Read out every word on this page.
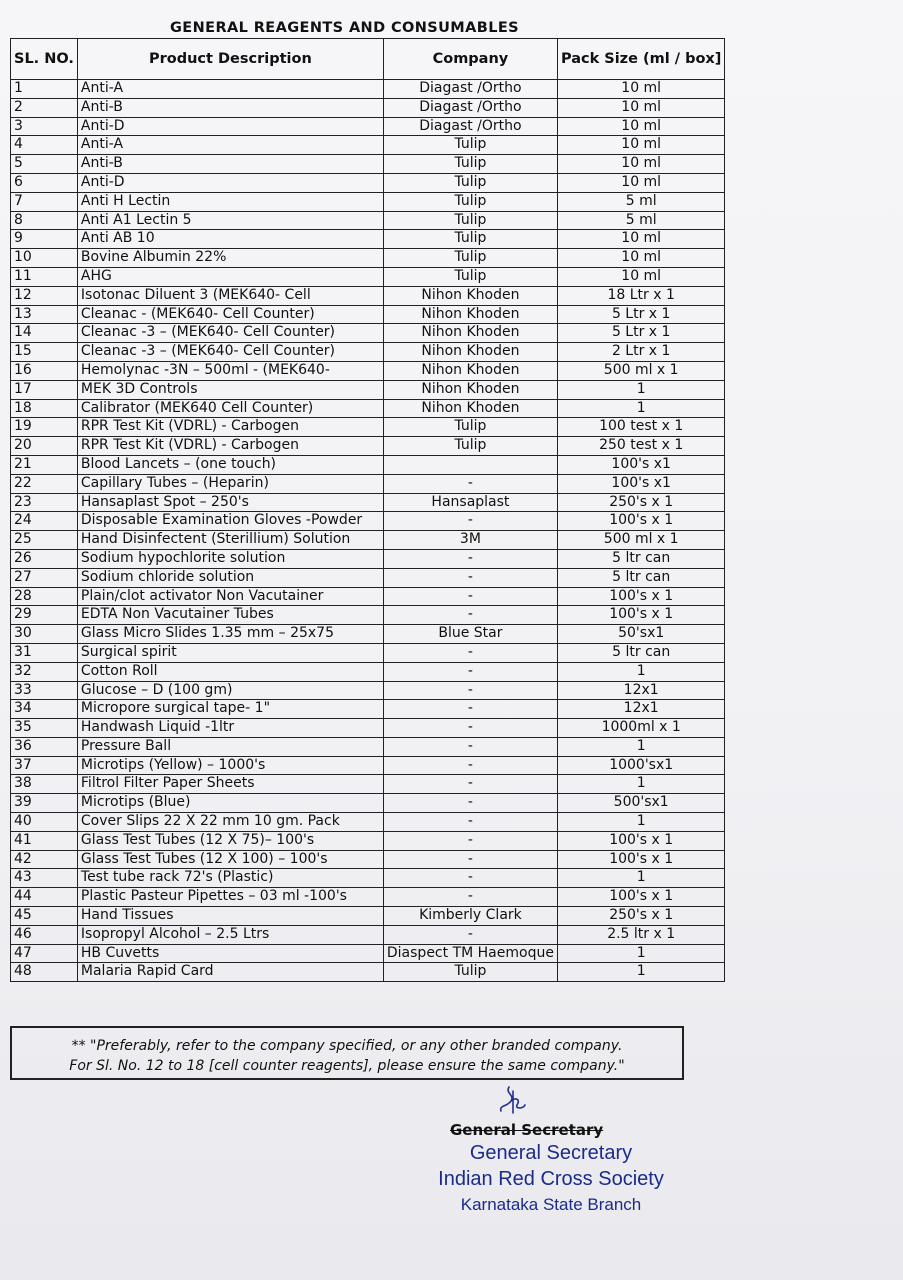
GENERAL REAGENTS AND CONSUMABLES
SL. NO.	Product Description	Company	Pack Size (ml / box]
1	Anti-A	Diagast /Ortho	10 ml
2	Anti-B	Diagast /Ortho	10 ml
3	Anti-D	Diagast /Ortho	10 ml
4	Anti-A	Tulip	10 ml
5	Anti-B	Tulip	10 ml
6	Anti-D	Tulip	10 ml
7	Anti H Lectin	Tulip	5 ml
8	Anti A1 Lectin 5	Tulip	5 ml
9	Anti AB 10	Tulip	10 ml
10	Bovine Albumin 22%	Tulip	10 ml
11	AHG	Tulip	10 ml
12	Isotonac Diluent 3 (MEK640- Cell	Nihon Khoden	18 Ltr x 1
13	Cleanac - (MEK640- Cell Counter)	Nihon Khoden	5 Ltr x 1
14	Cleanac -3 – (MEK640- Cell Counter)	Nihon Khoden	5 Ltr x 1
15	Cleanac -3 – (MEK640- Cell Counter)	Nihon Khoden	2 Ltr x 1
16	Hemolynac -3N – 500ml - (MEK640-	Nihon Khoden	500 ml x 1
17	MEK 3D Controls	Nihon Khoden	1
18	Calibrator (MEK640 Cell Counter)	Nihon Khoden	1
19	RPR Test Kit (VDRL) - Carbogen	Tulip	100 test x 1
20	RPR Test Kit (VDRL) - Carbogen	Tulip	250 test x 1
21	Blood Lancets – (one touch)		100's x1
22	Capillary Tubes – (Heparin)	-	100's x1
23	Hansaplast Spot – 250's	Hansaplast	250's x 1
24	Disposable Examination Gloves -Powder	-	100's x 1
25	Hand Disinfectent (Sterillium) Solution	3M	500 ml x 1
26	Sodium hypochlorite solution	-	5 ltr can
27	Sodium chloride solution	-	5 ltr can
28	Plain/clot activator Non Vacutainer	-	100's x 1
29	EDTA Non Vacutainer Tubes	-	100's x 1
30	Glass Micro Slides 1.35 mm – 25x75	Blue Star	50'sx1
31	Surgical spirit	-	5 ltr can
32	Cotton Roll	-	1
33	Glucose – D (100 gm)	-	12x1
34	Micropore surgical tape- 1"	-	12x1
35	Handwash Liquid -1ltr	-	1000ml x 1
36	Pressure Ball	-	1
37	Microtips (Yellow) – 1000's	-	1000'sx1
38	Filtrol Filter Paper Sheets	-	1
39	Microtips (Blue)	-	500'sx1
40	Cover Slips 22 X 22 mm 10 gm. Pack	-	1
41	Glass Test Tubes (12 X 75)– 100's	-	100's x 1
42	Glass Test Tubes (12 X 100) – 100's	-	100's x 1
43	Test tube rack 72's (Plastic)	-	1
44	Plastic Pasteur Pipettes – 03 ml -100's	-	100's x 1
45	Hand Tissues	Kimberly Clark	250's x 1
46	Isopropyl Alcohol – 2.5 Ltrs	-	2.5 ltr x 1
47	HB Cuvetts	Diaspect TM Haemoque	1
48	Malaria Rapid Card	Tulip	1
** "Preferably, refer to the company specified, or any other branded company.
For Sl. No. 12 to 18 [cell counter reagents], please ensure the same company."
General Secretary
General Secretary
Indian Red Cross Society
Karnataka State Branch
